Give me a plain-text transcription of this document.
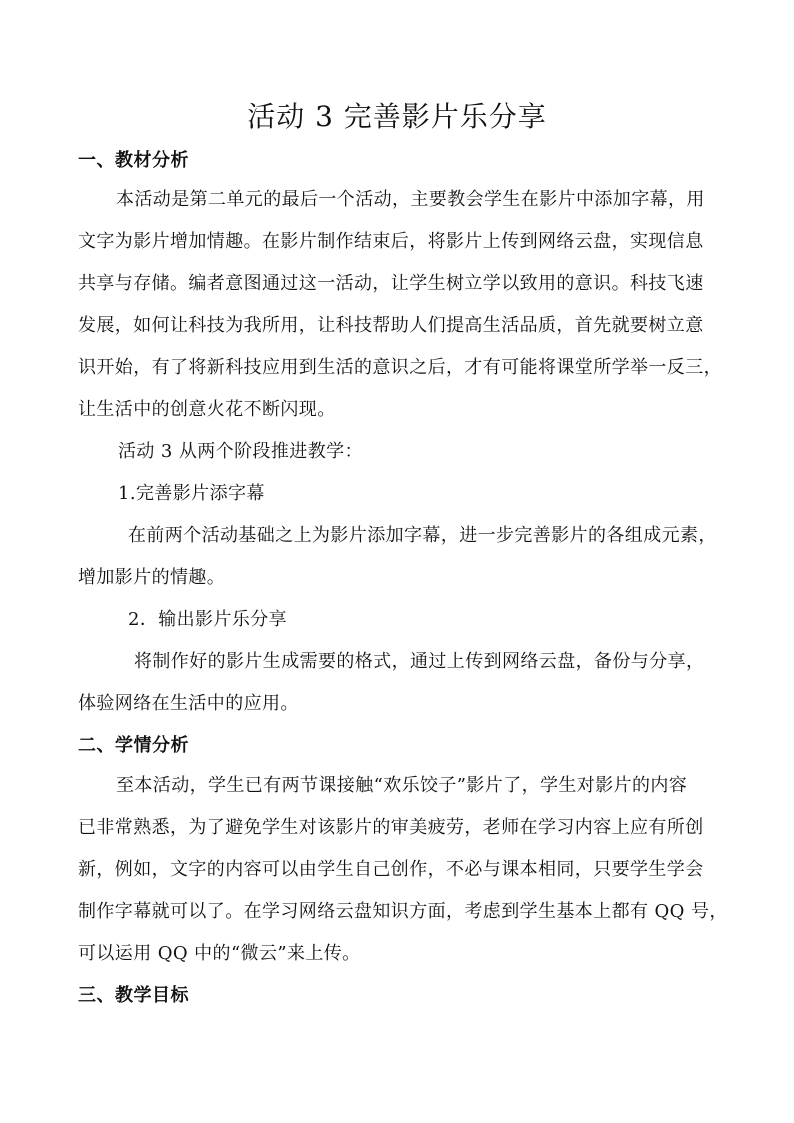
活动 3 完善影片乐分享
一、教材分析
本活动是第二单元的最后一个活动，主要教会学生在影片中添加字幕，用
文字为影片增加情趣。在影片制作结束后，将影片上传到网络云盘，实现信息
共享与存储。编者意图通过这一活动，让学生树立学以致用的意识。科技飞速
发展，如何让科技为我所用，让科技帮助人们提高生活品质，首先就要树立意
识开始，有了将新科技应用到生活的意识之后，才有可能将课堂所学举一反三，
让生活中的创意火花不断闪现。
活动 3 从两个阶段推进教学：
1.完善影片添字幕
在前两个活动基础之上为影片添加字幕，进一步完善影片的各组成元素，
增加影片的情趣。
2．输出影片乐分享
将制作好的影片生成需要的格式，通过上传到网络云盘，备份与分享，
体验网络在生活中的应用。
二、学情分析
至本活动，学生已有两节课接触“欢乐饺子”影片了，学生对影片的内容
已非常熟悉，为了避免学生对该影片的审美疲劳，老师在学习内容上应有所创
新，例如，文字的内容可以由学生自己创作，不必与课本相同，只要学生学会
制作字幕就可以了。在学习网络云盘知识方面，考虑到学生基本上都有 QQ 号，
可以运用 QQ 中的“微云”来上传。
三、教学目标
